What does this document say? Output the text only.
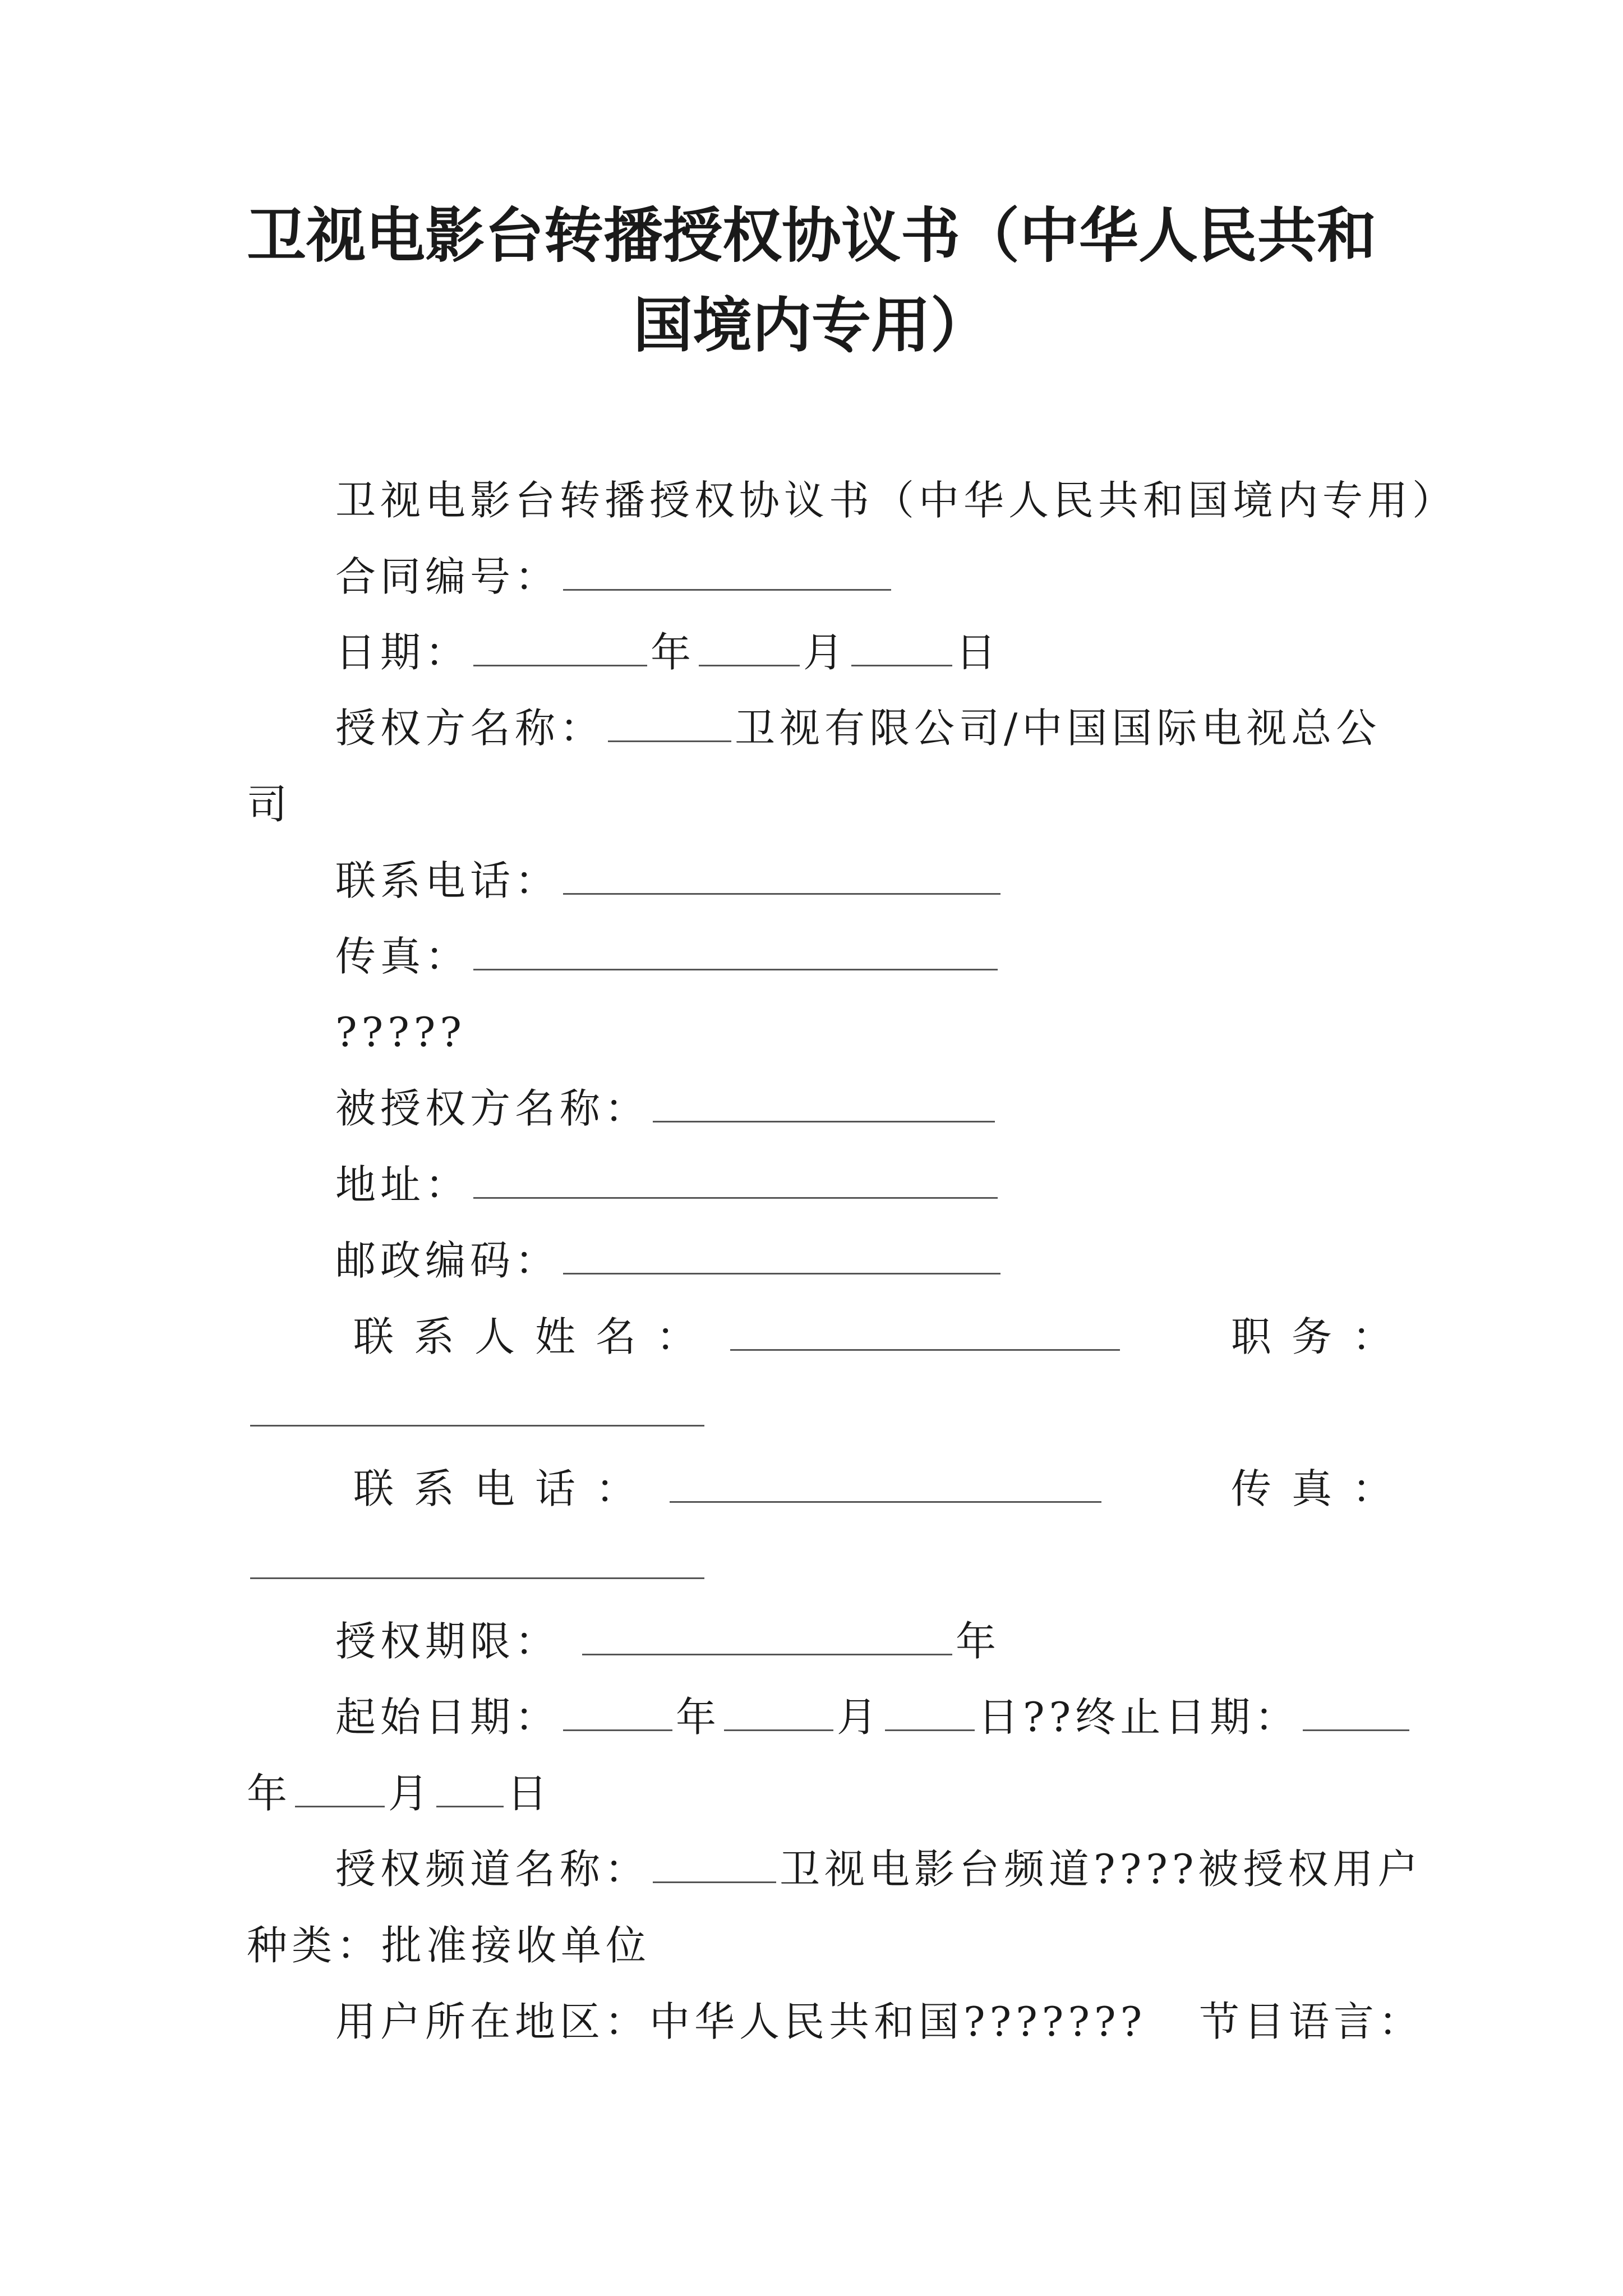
卫视电影台转播授权协议书（中华人民共和
国境内专用）
卫视电影台转播授权协议书（中华人民共和国境内专用）
合同编号：
日期：	年	月	日
授权方名称：	卫视有限公司/中国国际电视总公
司
联系电话：
传真：
?????
被授权方名称：
地址：
邮政编码：
联系人姓名：	职务：
联系电话：	传真：
授权期限：	年
起始日期：	年	月 日??终止日期：
年 月 日
授权频道名称：	卫视电影台频道????被授权用户
种类：批准接收单位
用户所在地区：中华人民共和国??????? 节目语言：
